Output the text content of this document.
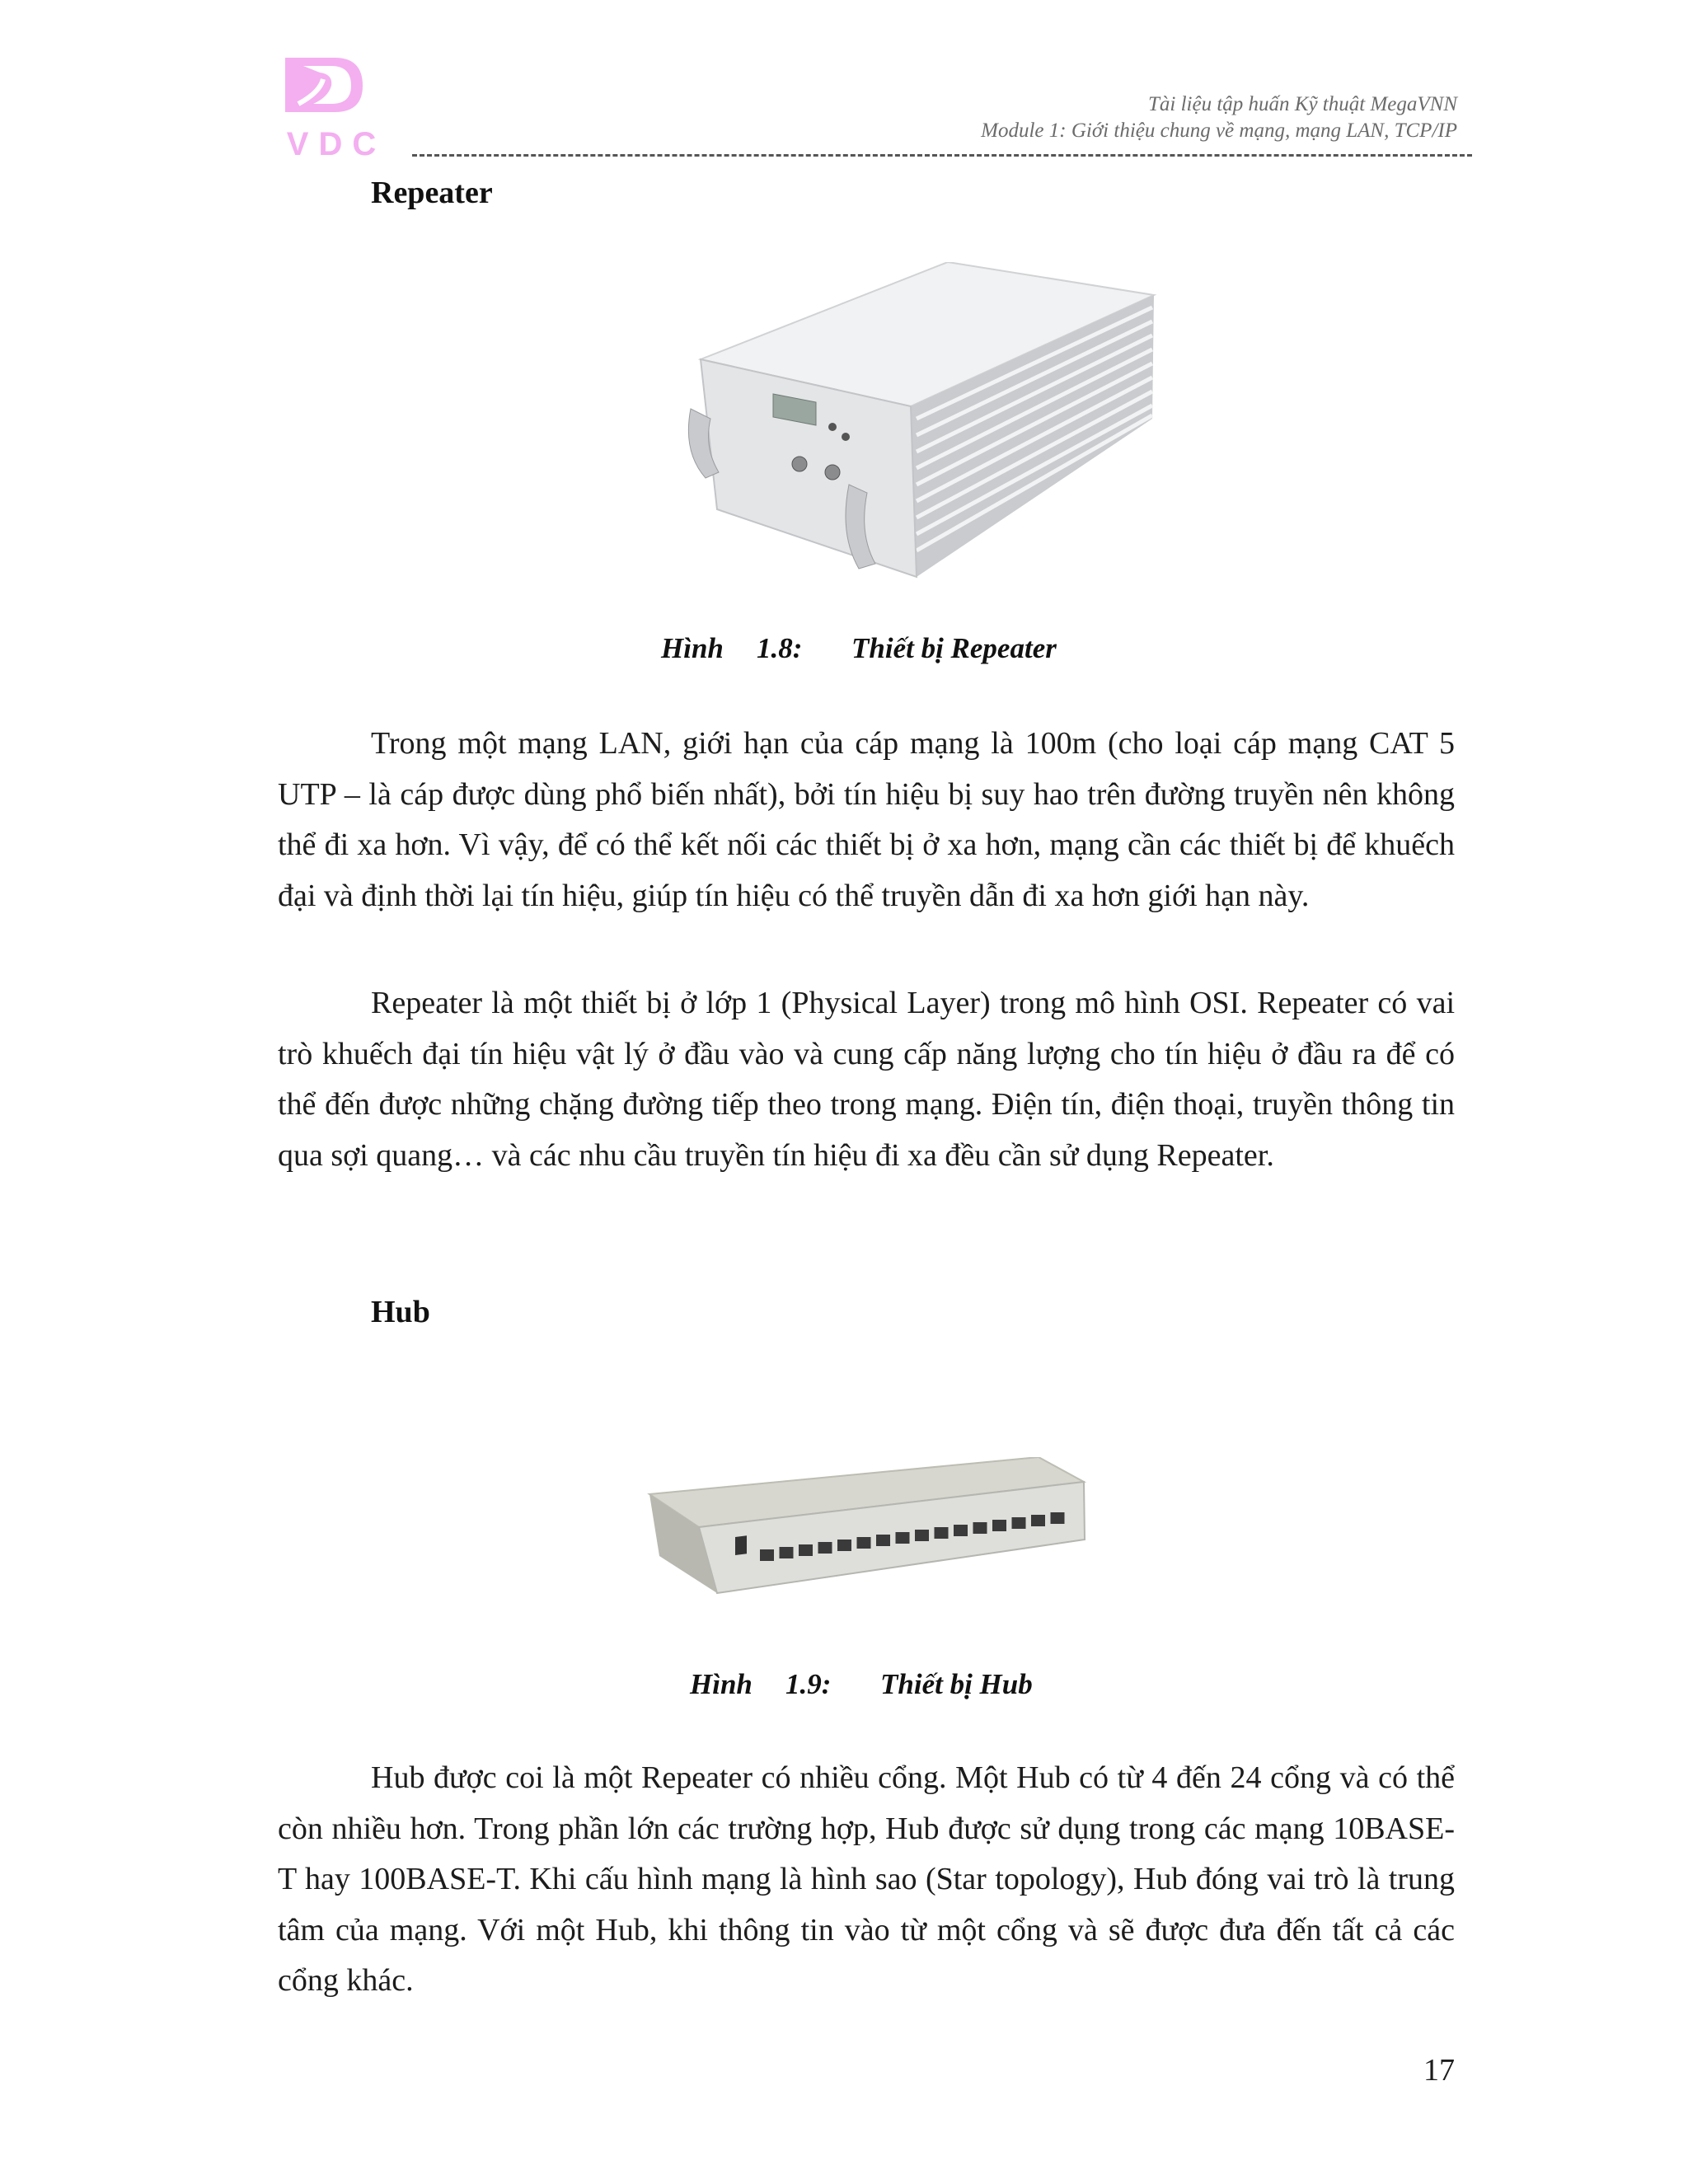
VDC
Tài liệu tập huấn Kỹ thuật MegaVNN
Module 1: Giới thiệu chung về mạng, mạng LAN, TCP/IP
Repeater
Hình 1.8: Thiết bị Repeater

Trong một mạng LAN, giới hạn của cáp mạng là 100m (cho loại cáp mạng CAT 5 UTP – là cáp được dùng phổ biến nhất), bởi tín hiệu bị suy hao trên đường truyền nên không thể đi xa hơn. Vì vậy, để có thể kết nối các thiết bị ở xa hơn, mạng cần các thiết bị để khuếch đại và định thời lại tín hiệu, giúp tín hiệu có thể truyền dẫn đi xa hơn giới hạn này.

Repeater là một thiết bị ở lớp 1 (Physical Layer) trong mô hình OSI. Repeater có vai trò khuếch đại tín hiệu vật lý ở đầu vào và cung cấp năng lượng cho tín hiệu ở đầu ra để có thể đến được những chặng đường tiếp theo trong mạng. Điện tín, điện thoại, truyền thông tin qua sợi quang… và các nhu cầu truyền tín hiệu đi xa đều cần sử dụng Repeater.

Hub
Hình 1.9: Thiết bị Hub

Hub được coi là một Repeater có nhiều cổng. Một Hub có từ 4 đến 24 cổng và có thể còn nhiều hơn. Trong phần lớn các trường hợp, Hub được sử dụng trong các mạng 10BASE-T hay 100BASE-T. Khi cấu hình mạng là hình sao (Star topology), Hub đóng vai trò là trung tâm của mạng. Với một Hub, khi thông tin vào từ một cổng và sẽ được đưa đến tất cả các cổng khác.

17
